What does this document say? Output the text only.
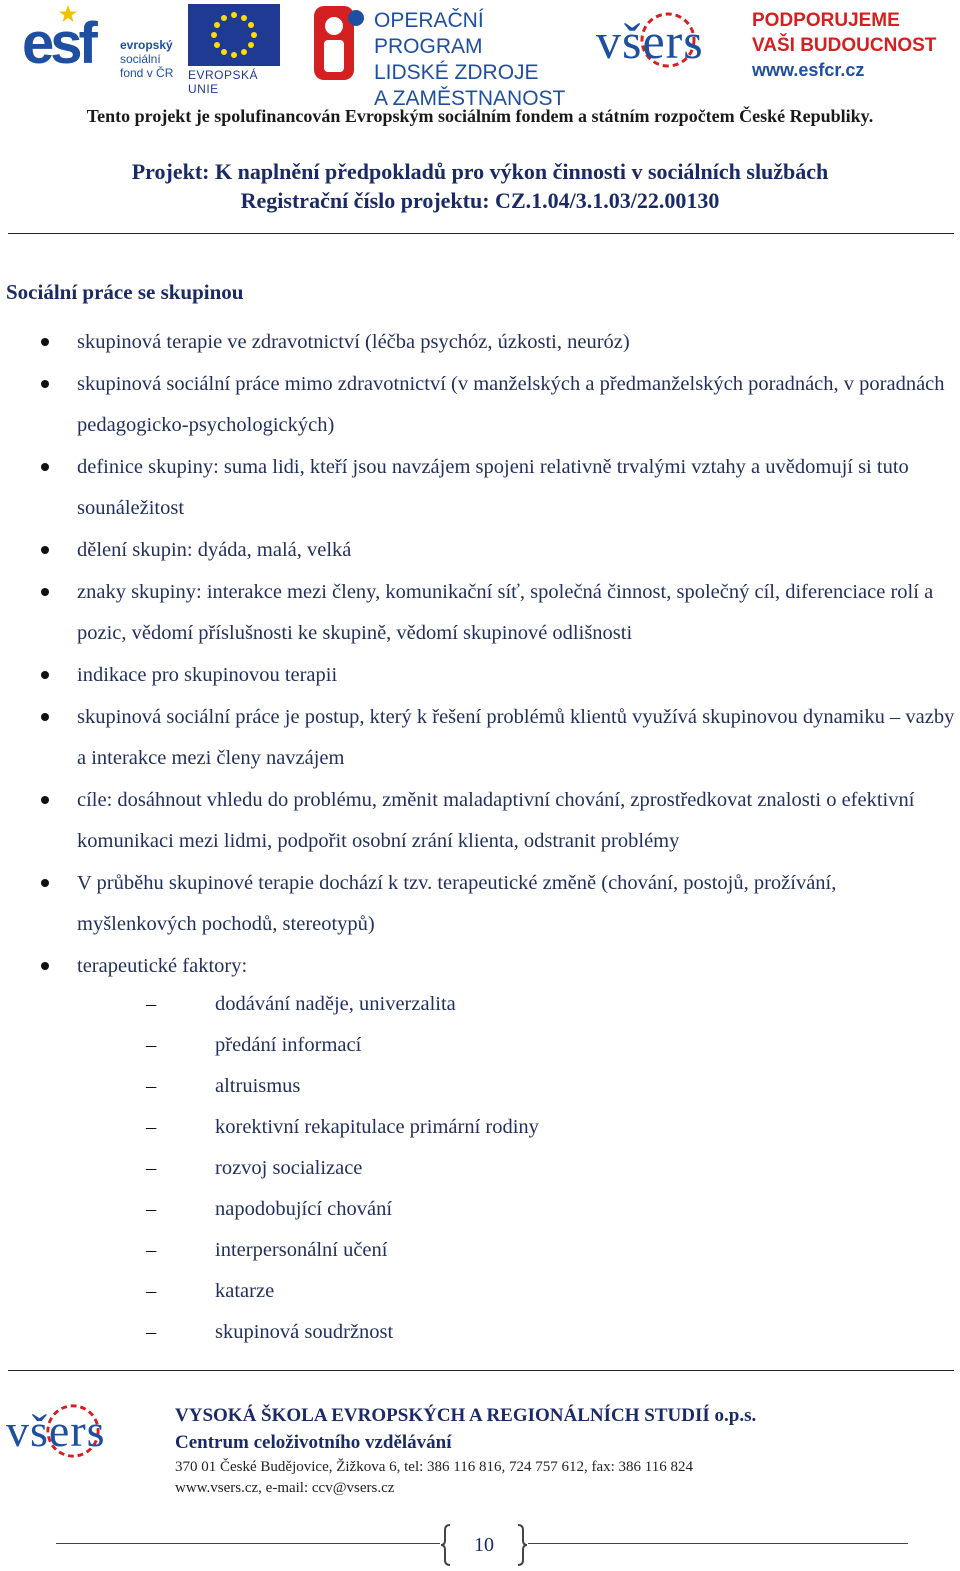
esf evropský
sociální
fond v ČR EVROPSKÁ UNIE
OPERAČNÍ PROGRAM
LIDSKÉ ZDROJE
A ZAMĚSTNANOST
všers	PODPORUJEME
VAŠI BUDOUCNOST
www.esfcr.cz
Tento projekt je spolufinancován Evropským sociálním fondem a státním rozpočtem České Republiky.
Projekt: K naplnění předpokladů pro výkon činnosti v sociálních službách
Registrační číslo projektu: CZ.1.04/3.1.03/22.00130
Sociální práce se skupinou
skupinová terapie ve zdravotnictví (léčba psychóz, úzkosti, neuróz)
skupinová sociální práce mimo zdravotnictví (v manželských a předmanželských poradnách, v poradnách pedagogicko-psychologických)
definice skupiny: suma lidi, kteří jsou navzájem spojeni relativně trvalými vztahy a uvědomují si tuto sounáležitost
dělení skupin: dyáda, malá, velká
znaky skupiny: interakce mezi členy, komunikační síť, společná činnost, společný cíl, diferenciace rolí a pozic, vědomí příslušnosti ke skupině, vědomí skupinové odlišnosti
indikace pro skupinovou terapii
skupinová sociální práce je postup, který k řešení problémů klientů využívá skupinovou dynamiku – vazby a interakce mezi členy navzájem
cíle: dosáhnout vhledu do problému, změnit maladaptivní chování, zprostředkovat znalosti o efektivní komunikaci mezi lidmi, podpořit osobní zrání klienta, odstranit problémy
V průběhu skupinové terapie dochází k tzv. terapeutické změně (chování, postojů, prožívání, myšlenkových pochodů, stereotypů)
terapeutické faktory:
–	dodávání naděje, univerzalita
–	předání informací
–	altruismus
–	korektivní rekapitulace primární rodiny
–	rozvoj socializace
–	napodobující chování
–	interpersonální učení
–	katarze
–	skupinová soudržnost
všers	VYSOKÁ ŠKOLA EVROPSKÝCH A REGIONÁLNÍCH STUDIÍ o.p.s.
Centrum celoživotního vzdělávání
370 01 České Budějovice, Žižkova 6, tel: 386 116 816, 724 757 612, fax: 386 116 824
www.vsers.cz, e-mail: ccv@vsers.cz
10
